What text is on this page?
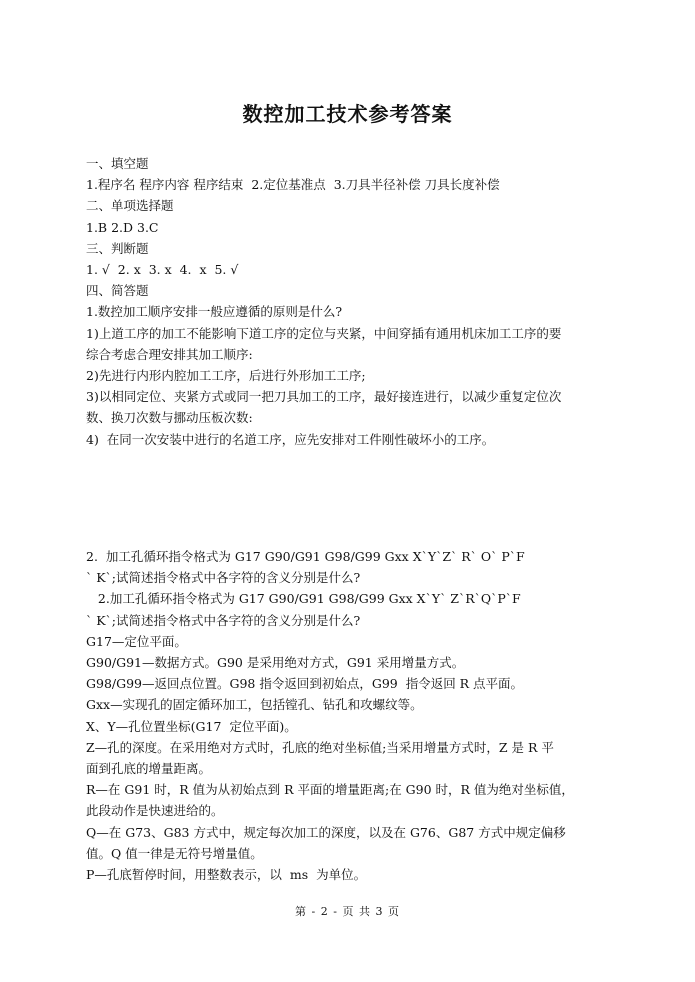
数控加工技术参考答案

一、填空题

1.程序名 程序内容 程序结束  2.定位基准点  3.刀具半径补偿 刀具长度补偿

二、单项选择题

1.B 2.D 3.C

三、判断题

1. √  2. x  3. x  4.  x  5. √

四、简答题

1.数控加工顺序安排一般应遵循的原则是什么?

1)上道工序的加工不能影响下道工序的定位与夹紧，中间穿插有通用机床加工工序的要

综合考虑合理安排其加工顺序:

2)先进行内形内腔加工工序，后进行外形加工工序;

3)以相同定位、夹紧方式或同一把刀具加工的工序，最好接连进行，以减少重复定位次

数、换刀次数与挪动压板次数:

4)  在同一次安装中进行的名道工序，应先安排对工件刚性破坏小的工序。

2.  加工孔循环指令格式为 G17 G90/G91 G98/G99 Gxx X`Y`Z` R` O` P`F

` K`;试简述指令格式中各字符的含义分别是什么?

2.加工孔循环指令格式为 G17 G90/G91 G98/G99 Gxx X`Y` Z`R`Q`P`F

` K`;试简述指令格式中各字符的含义分别是什么?

G17—定位平面。

G90/G91—数据方式。G90 是采用绝对方式，G91 采用增量方式。

G98/G99—返回点位置。G98 指令返回到初始点，G99  指令返回 R 点平面。

Gxx—实现孔的固定循环加工，包括镗孔、钻孔和攻螺纹等。

X、Y—孔位置坐标(G17  定位平面)。

Z—孔的深度。在采用绝对方式时，孔底的绝对坐标值;当采用增量方式时，Z 是 R 平

面到孔底的增量距离。

R—在 G91 时，R 值为从初始点到 R 平面的增量距离;在 G90 时，R 值为绝对坐标值，

此段动作是快速进给的。

Q—在 G73、G83 方式中，规定每次加工的深度，以及在 G76、G87 方式中规定偏移

值。Q 值一律是无符号增量值。

P—孔底暂停时间，用整数表示，以  ms  为单位。

第 - 2 - 页 共 3 页
